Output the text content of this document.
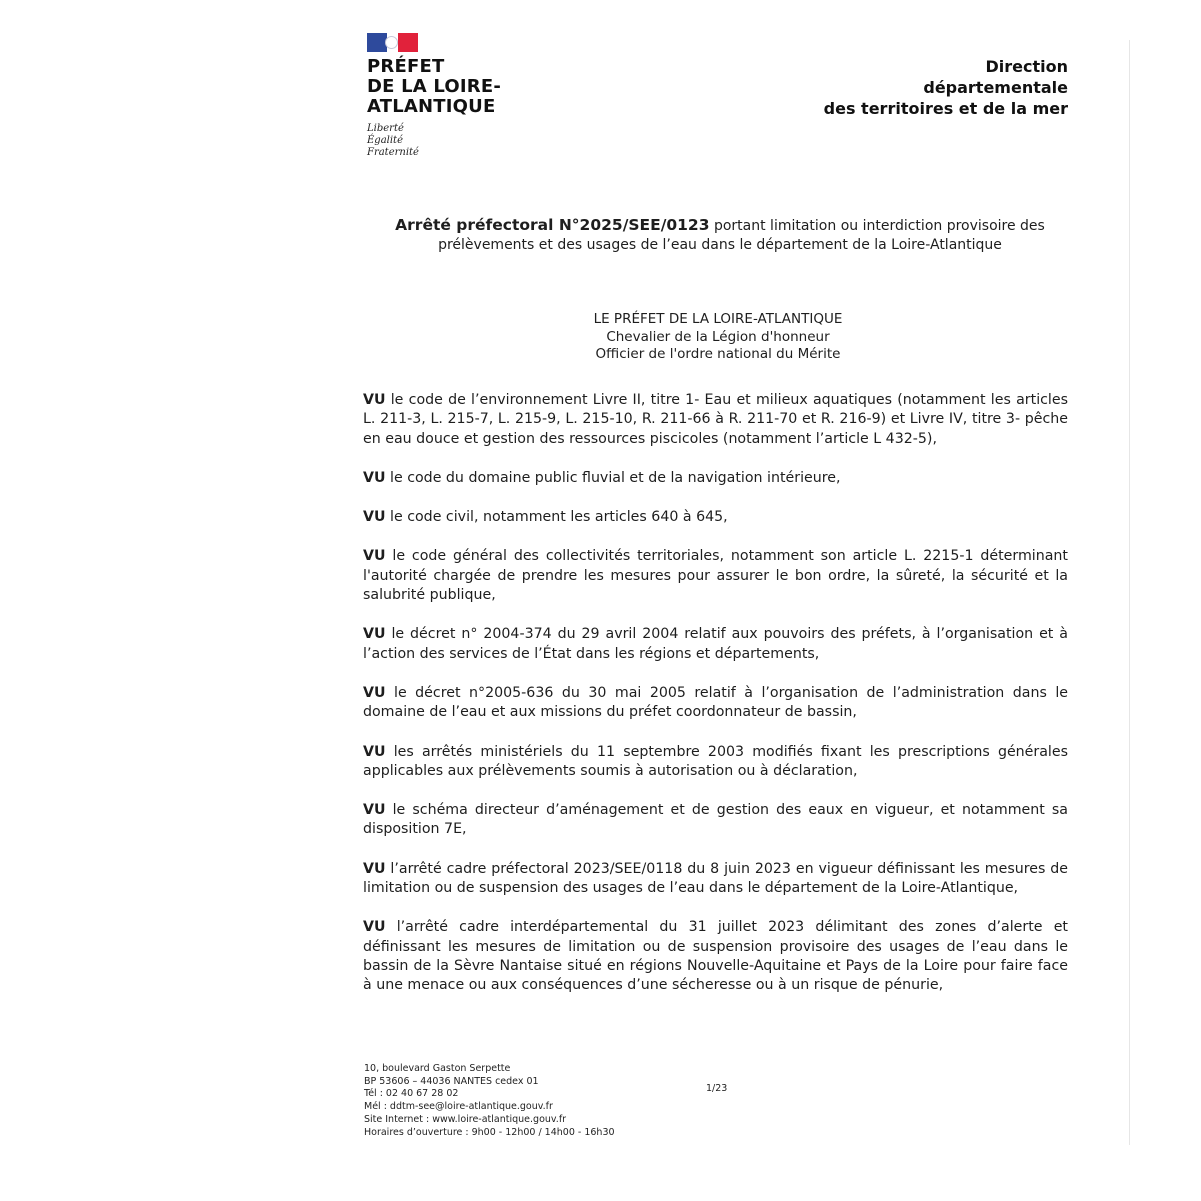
PRÉFET
DE LA LOIRE-
ATLANTIQUE
Liberté
Égalité
Fraternité
Direction
départementale
des territoires et de la mer
Arrêté préfectoral N°2025/SEE/0123 portant limitation ou interdiction provisoire des prélèvements et des usages de l’eau dans le département de la Loire-Atlantique
LE PRÉFET DE LA LOIRE-ATLANTIQUE
Chevalier de la Légion d'honneur
Officier de l'ordre national du Mérite

VU le code de l’environnement Livre II, titre 1- Eau et milieux aquatiques (notamment les articles L. 211-3, L. 215-7, L. 215-9, L. 215-10, R. 211-66 à R. 211-70 et R. 216-9) et Livre IV, titre 3- pêche en eau douce et gestion des ressources piscicoles (notamment l’article L 432-5),

VU le code du domaine public fluvial et de la navigation intérieure,

VU le code civil, notamment les articles 640 à 645,

VU le code général des collectivités territoriales, notamment son article L. 2215-1 déterminant l'autorité chargée de prendre les mesures pour assurer le bon ordre, la sûreté, la sécurité et la salubrité publique,

VU le décret n° 2004-374 du 29 avril 2004 relatif aux pouvoirs des préfets, à l’organisation et à l’action des services de l’État dans les régions et départements,

VU le décret n°2005-636 du 30 mai 2005 relatif à l’organisation de l’administration dans le domaine de l’eau et aux missions du préfet coordonnateur de bassin,

VU les arrêtés ministériels du 11 septembre 2003 modifiés fixant les prescriptions générales applicables aux prélèvements soumis à autorisation ou à déclaration,

VU le schéma directeur d’aménagement et de gestion des eaux en vigueur, et notamment sa disposition 7E,

VU l’arrêté cadre préfectoral 2023/SEE/0118 du 8 juin 2023 en vigueur définissant les mesures de limitation ou de suspension des usages de l’eau dans le département de la Loire-Atlantique,

VU l’arrêté cadre interdépartemental du 31 juillet 2023 délimitant des zones d’alerte et définissant les mesures de limitation ou de suspension provisoire des usages de l’eau dans le bassin de la Sèvre Nantaise situé en régions Nouvelle-Aquitaine et Pays de la Loire pour faire face à une menace ou aux conséquences d’une sécheresse ou à un risque de pénurie,

10, boulevard Gaston Serpette
BP 53606 – 44036 NANTES cedex 01
Tél : 02 40 67 28 02
Mél : ddtm-see@loire-atlantique.gouv.fr
Site Internet : www.loire-atlantique.gouv.fr
Horaires d’ouverture : 9h00 - 12h00 / 14h00 - 16h30
1/23
